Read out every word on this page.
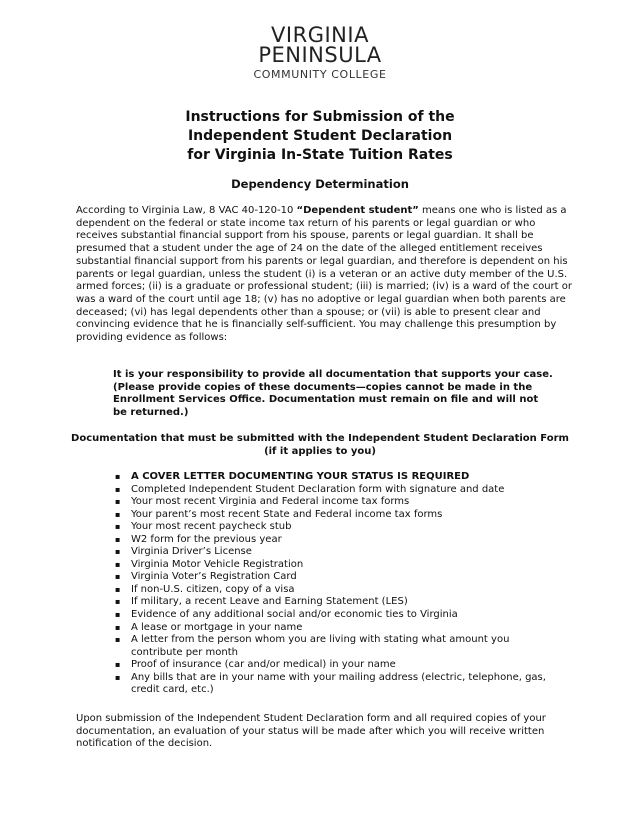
VIRGINIA
PENINSULA
COMMUNITY COLLEGE
Instructions for Submission of the
Independent Student Declaration
for Virginia In-State Tuition Rates
Dependency Determination
According to Virginia Law, 8 VAC 40-120-10 “Dependent student” means one who is listed as a dependent on the federal or state income tax return of his parents or legal guardian or who receives substantial financial support from his spouse, parents or legal guardian. It shall be presumed that a student under the age of 24 on the date of the alleged entitlement receives substantial financial support from his parents or legal guardian, and therefore is dependent on his parents or legal guardian, unless the student (i) is a veteran or an active duty member of the U.S. armed forces; (ii) is a graduate or professional student; (iii) is married; (iv) is a ward of the court or was a ward of the court until age 18; (v) has no adoptive or legal guardian when both parents are deceased; (vi) has legal dependents other than a spouse; or (vii) is able to present clear and convincing evidence that he is financially self-sufficient. You may challenge this presumption by providing evidence as follows:
It is your responsibility to provide all documentation that supports your case. (Please provide copies of these documents—copies cannot be made in the Enrollment Services Office. Documentation must remain on file and will not be returned.)
Documentation that must be submitted with the Independent Student Declaration Form
(if it applies to you)
▪ A COVER LETTER DOCUMENTING YOUR STATUS IS REQUIRED
▪ Completed Independent Student Declaration form with signature and date
▪ Your most recent Virginia and Federal income tax forms
▪ Your parent’s most recent State and Federal income tax forms
▪ Your most recent paycheck stub
▪ W2 form for the previous year
▪ Virginia Driver’s License
▪ Virginia Motor Vehicle Registration
▪ Virginia Voter’s Registration Card
▪ If non-U.S. citizen, copy of a visa
▪ If military, a recent Leave and Earning Statement (LES)
▪ Evidence of any additional social and/or economic ties to Virginia
▪ A lease or mortgage in your name
▪ A letter from the person whom you are living with stating what amount you contribute per month
▪ Proof of insurance (car and/or medical) in your name
▪ Any bills that are in your name with your mailing address (electric, telephone, gas, credit card, etc.)
Upon submission of the Independent Student Declaration form and all required copies of your documentation, an evaluation of your status will be made after which you will receive written notification of the decision.
